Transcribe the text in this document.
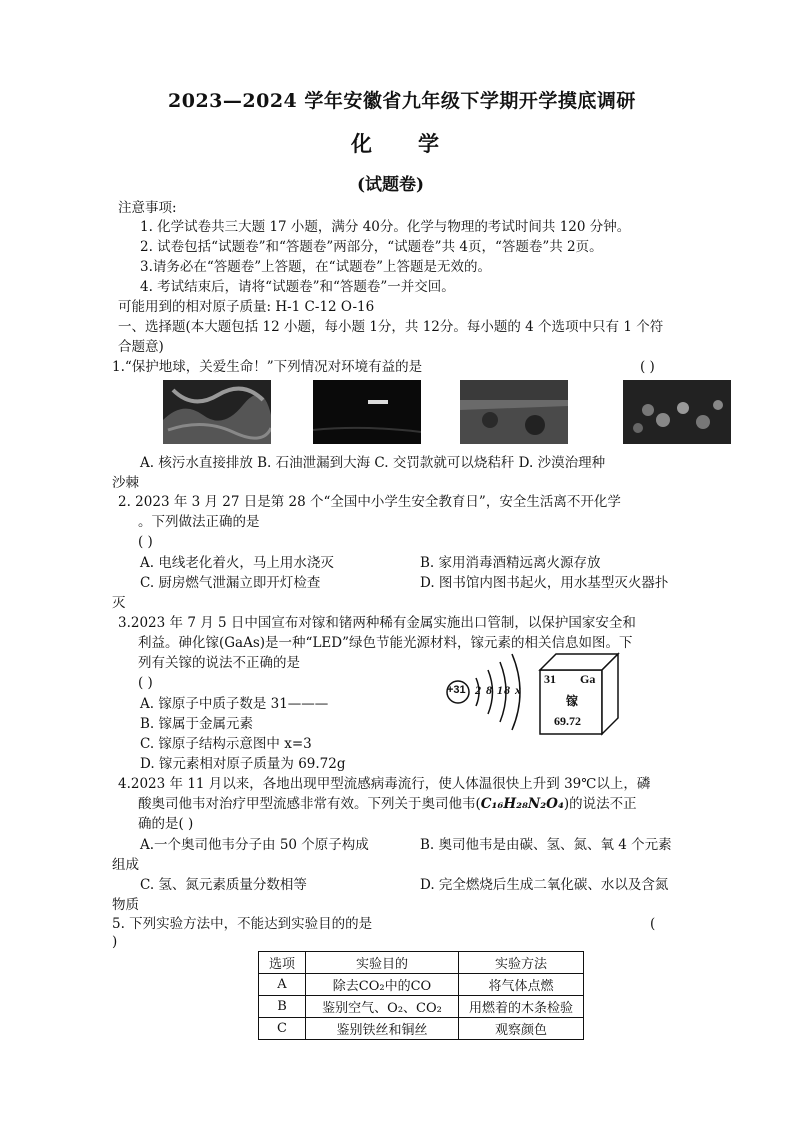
2023—2024 学年安徽省九年级下学期开学摸底调研
化学
(试题卷)
注意事项:
1. 化学试卷共三大题 17 小题，满分 40分。化学与物理的考试时间共 120 分钟。
2. 试卷包括“试题卷”和“答题卷”两部分，“试题卷”共 4页，“答题卷”共 2页。
3.请务必在“答题卷”上答题，在“试题卷”上答题是无效的。
4. 考试结束后，请将“试题卷”和“答题卷”一并交回。
可能用到的相对原子质量: H-1 C-12 O-16
一、选择题(本大题包括 12 小题，每小题 1分，共 12分。每小题的 4 个选项中只有 1 个符
合题意)
1.“保护地球，关爱生命！”下列情况对环境有益的是	( )
A. 核污水直接排放 B. 石油泄漏到大海 C. 交罚款就可以烧秸秆 D. 沙漠治理种
沙棘
2. 2023 年 3 月 27 日是第 28 个“全国中小学生安全教育日”，安全生活离不开化学
。下列做法正确的是
( )
A. 电线老化着火，马上用水浇灭	B. 家用消毒酒精远离火源存放
C. 厨房燃气泄漏立即开灯检查	D. 图书馆内图书起火，用水基型灭火器扑
灭
3.2023 年 7 月 5 日中国宣布对镓和锗两种稀有金属实施出口管制，以保护国家安全和
利益。砷化镓(GaAs)是一种“LED”绿色节能光源材料，镓元素的相关信息如图。下
列有关镓的说法不正确的是
( )
A. 镓原子中质子数是 31———
B. 镓属于金属元素
C. 镓原子结构示意图中 x=3
D. 镓元素相对原子质量为 69.72g
+31 2 8 18 x
31 Ga
镓
69.72
4.2023 年 11 月以来，各地出现甲型流感病毒流行，使人体温很快上升到 39℃以上，磷
酸奥司他韦对治疗甲型流感非常有效。下列关于奥司他韦(C₁₆H₂₈N₂O₄)的说法不正
确的是( )
A.一个奥司他韦分子由 50 个原子构成	B. 奥司他韦是由碳、氢、氮、氧 4 个元素
组成
C. 氢、氮元素质量分数相等	D. 完全燃烧后生成二氧化碳、水以及含氮
物质
5. 下列实验方法中，不能达到实验目的的是	(
)
选项	实验目的	实验方法
A	除去CO₂中的CO	将气体点燃
B	鉴别空气、O₂、CO₂	用燃着的木条检验
C	鉴别铁丝和铜丝	观察颜色
